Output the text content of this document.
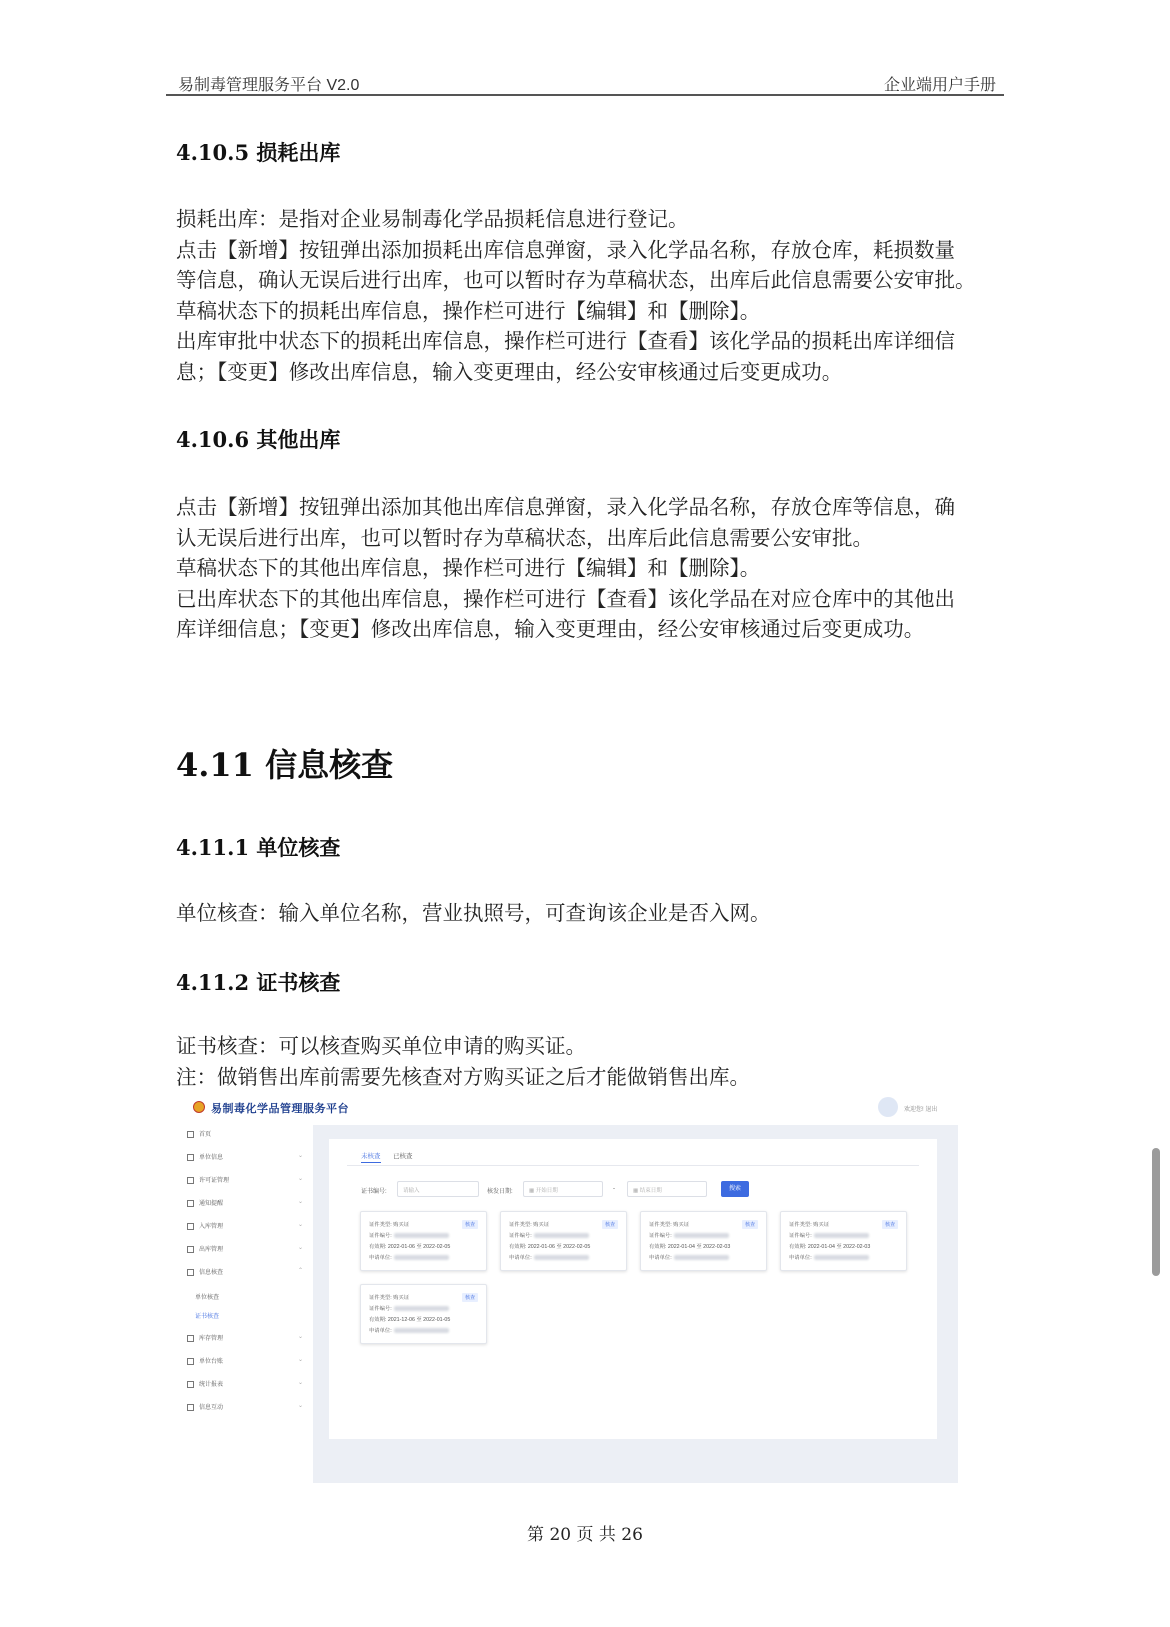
易制毒管理服务平台 V2.0	企业端用户手册
4.10.5 损耗出库

损耗出库：是指对企业易制毒化学品损耗信息进行登记。

点击【新增】按钮弹出添加损耗出库信息弹窗，录入化学品名称，存放仓库，耗损数量

等信息，确认无误后进行出库，也可以暂时存为草稿状态，出库后此信息需要公安审批。

草稿状态下的损耗出库信息，操作栏可进行【编辑】和【删除】。

出库审批中状态下的损耗出库信息，操作栏可进行【查看】该化学品的损耗出库详细信

息；【变更】修改出库信息，输入变更理由，经公安审核通过后变更成功。

4.10.6 其他出库

点击【新增】按钮弹出添加其他出库信息弹窗，录入化学品名称，存放仓库等信息，确

认无误后进行出库，也可以暂时存为草稿状态，出库后此信息需要公安审批。

草稿状态下的其他出库信息，操作栏可进行【编辑】和【删除】。

已出库状态下的其他出库信息，操作栏可进行【查看】该化学品在对应仓库中的其他出

库详细信息；【变更】修改出库信息，输入变更理由，经公安审核通过后变更成功。

4.11 信息核查
4.11.1 单位核查

单位核查：输入单位名称，营业执照号，可查询该企业是否入网。

4.11.2 证书核查

证书核查：可以核查购买单位申请的购买证。

注：做销售出库前需要先核查对方购买证之后才能做销售出库。

易制毒化学品管理服务平台	欢迎您! 退出
首页
单位信息	⌄
许可证管理	⌄
通知提醒	⌄
入库管理	⌄
出库管理	⌄
信息核查	⌃
单位核查
证书核查
库存管理	⌄
单位台账	⌄
统计报表	⌄
信息互动	⌄
未核查 已核查
证书编号:	请输入	核发日期:	▦ 开始日期	-	▦ 结束日期	搜索
证件类型: 购买证	核查
证件编号:
有效期: 2022-01-06 至 2022-02-05
申请单位:
证件类型: 购买证	核查
证件编号:
有效期: 2022-01-06 至 2022-02-05
申请单位:
证件类型: 购买证	核查
证件编号:
有效期: 2022-01-04 至 2022-02-03
申请单位:
证件类型: 购买证	核查
证件编号:
有效期: 2022-01-04 至 2022-02-03
申请单位:
证件类型: 购买证	核查
证件编号:
有效期: 2021-12-06 至 2022-01-05
申请单位:
第 20 页 共 26
